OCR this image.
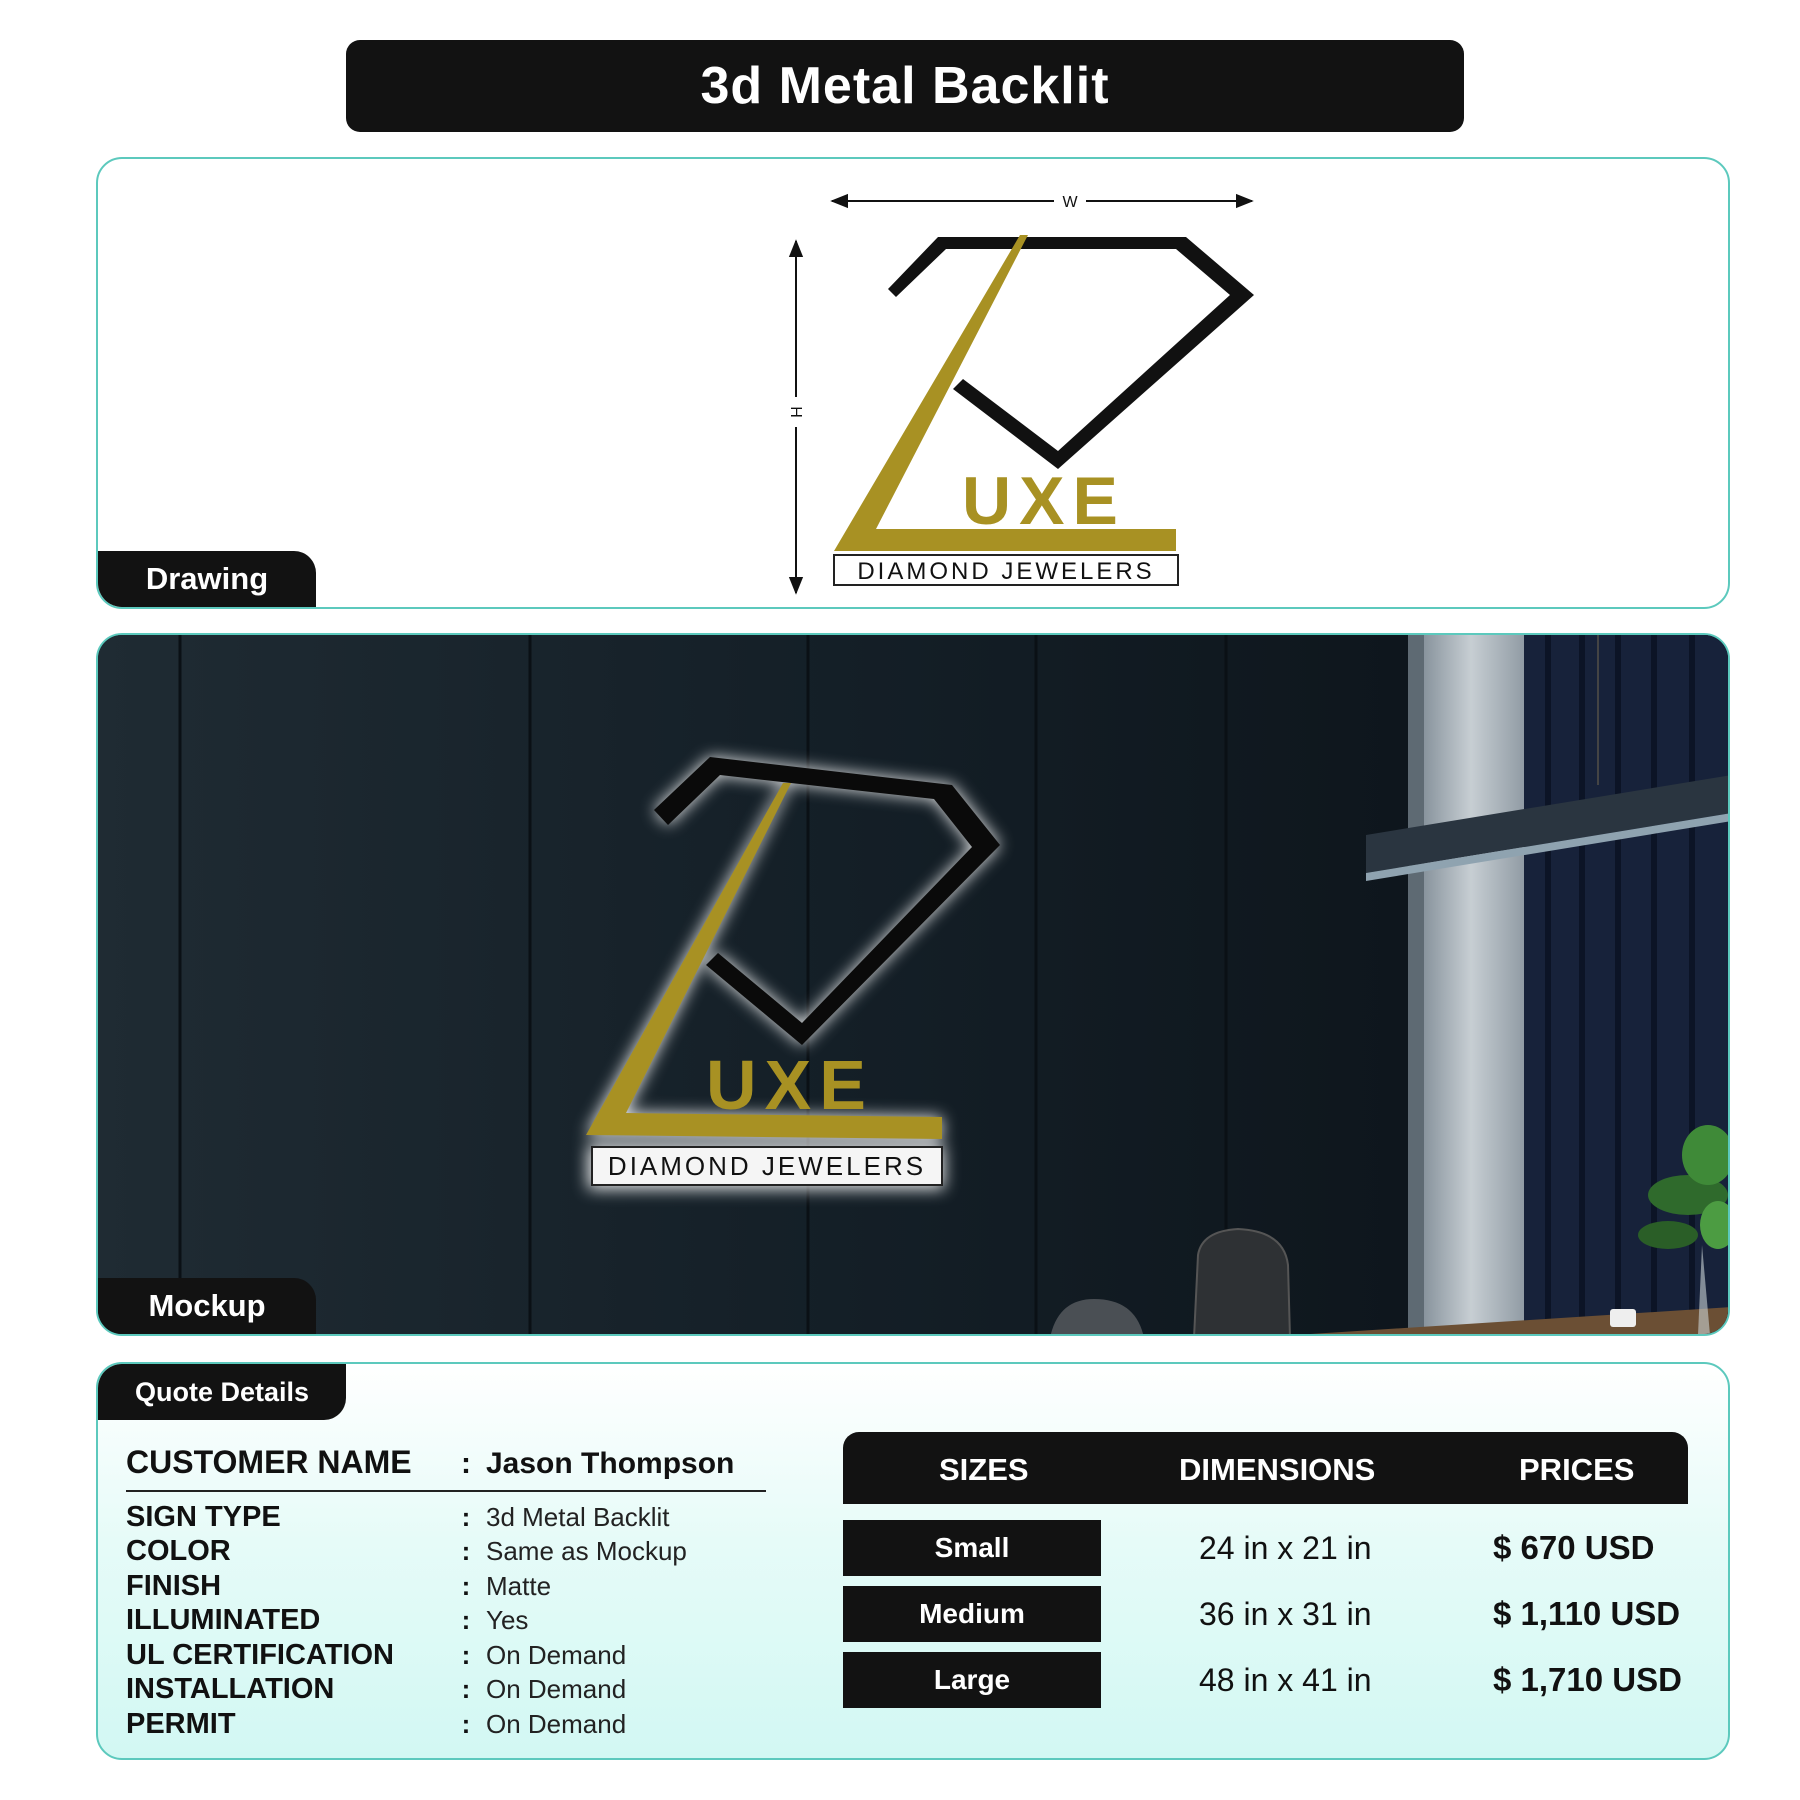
3d Metal Backlit
W
H
UXE
DIAMOND JEWELERS
Drawing
UXE
DIAMOND JEWELERS
Mockup
Quote Details
CUSTOMER NAME	: Jason Thompson
SIGN TYPE	: 3d Metal Backlit
COLOR	: Same as Mockup
FINISH	: Matte
ILLUMINATED	: Yes
UL CERTIFICATION	: On Demand
INSTALLATION	: On Demand
PERMIT	: On Demand
SIZES	DIMENSIONS	PRICES
Small	24 in x 21 in	$ 670 USD
Medium	36 in x 31 in	$ 1,110 USD
Large	48 in x 41 in	$ 1,710 USD
